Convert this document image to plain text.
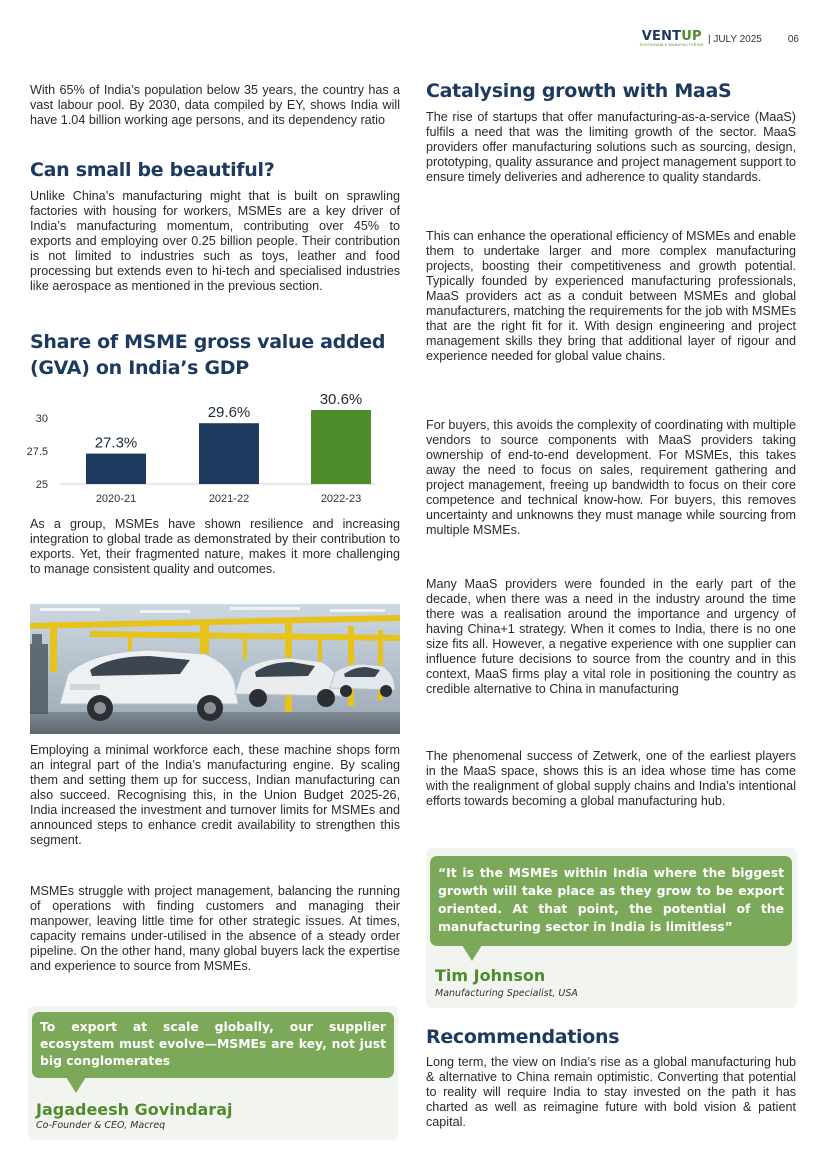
VENTUP
SUSTAINABLE MANUFACTURING
| JULY 2025	06

With 65% of India’s population below 35 years, the country has a vast labour pool. By 2030, data compiled by EY, shows India will have 1.04 billion working age persons, and its dependency ratio

Can small be beautiful?

Unlike China’s manufacturing might that is built on sprawling factories with housing for workers, MSMEs are a key driver of India’s manufacturing momentum, contributing over 45% to exports and employing over 0.25 billion people. Their contribution is not limited to industries such as toys, leather and food processing but extends even to hi-tech and specialised industries like aerospace as mentioned in the previous section.

Share of MSME gross value added
(GVA) on India’s GDP
25
27.5
30
27.3%
29.6%
30.6%
2020-21	2021-22	2022-23

As a group, MSMEs have shown resilience and increasing integration to global trade as demonstrated by their contribution to exports. Yet, their fragmented nature, makes it more challenging to manage consistent quality and outcomes.

Employing a minimal workforce each, these machine shops form an integral part of the India’s manufacturing engine. By scaling them and setting them up for success, Indian manufacturing can also succeed. Recognising this, in the Union Budget 2025-26, India increased the investment and turnover limits for MSMEs and announced steps to enhance credit availability to strengthen this segment.

MSMEs struggle with project management, balancing the running of operations with finding customers and managing their manpower, leaving little time for other strategic issues. At times, capacity remains under-utilised in the absence of a steady order pipeline. On the other hand, many global buyers lack the expertise and experience to source from MSMEs.

To export at scale globally, our supplier ecosystem must evolve—MSMEs are key, not just big conglomerates
Jagadeesh Govindaraj
Co-Founder & CEO, Macreq
Catalysing growth with MaaS

The rise of startups that offer manufacturing-as-a-service (MaaS) fulfils a need that was the limiting growth of the sector. MaaS providers offer manufacturing solutions such as sourcing, design, prototyping, quality assurance and project management support to ensure timely deliveries and adherence to quality standards.

This can enhance the operational efficiency of MSMEs and enable them to undertake larger and more complex manufacturing projects, boosting their competitiveness and growth potential. Typically founded by experienced manufacturing professionals, MaaS providers act as a conduit between MSMEs and global manufacturers, matching the requirements for the job with MSMEs that are the right fit for it. With design engineering and project management skills they bring that additional layer of rigour and experience needed for global value chains.

For buyers, this avoids the complexity of coordinating with multiple vendors to source components with MaaS providers taking ownership of end-to-end development. For MSMEs, this takes away the need to focus on sales, requirement gathering and project management, freeing up bandwidth to focus on their core competence and technical know-how. For buyers, this removes uncertainty and unknowns they must manage while sourcing from multiple MSMEs.

Many MaaS providers were founded in the early part of the decade, when there was a need in the industry around the time there was a realisation around the importance and urgency of having China+1 strategy. When it comes to India, there is no one size fits all. However, a negative experience with one supplier can influence future decisions to source from the country and in this context, MaaS firms play a vital role in positioning the country as credible alternative to China in manufacturing

The phenomenal success of Zetwerk, one of the earliest players in the MaaS space, shows this is an idea whose time has come with the realignment of global supply chains and India’s intentional efforts towards becoming a global manufacturing hub.

“It is the MSMEs within India where the biggest growth will take place as they grow to be export oriented. At that point, the potential of the manufacturing sector in India is limitless”
Tim Johnson
Manufacturing Specialist, USA
Recommendations

Long term, the view on India’s rise as a global manufacturing hub & alternative to China remain optimistic. Converting that potential to reality will require India to stay invested on the path it has charted as well as reimagine future with bold vision & patient capital.
